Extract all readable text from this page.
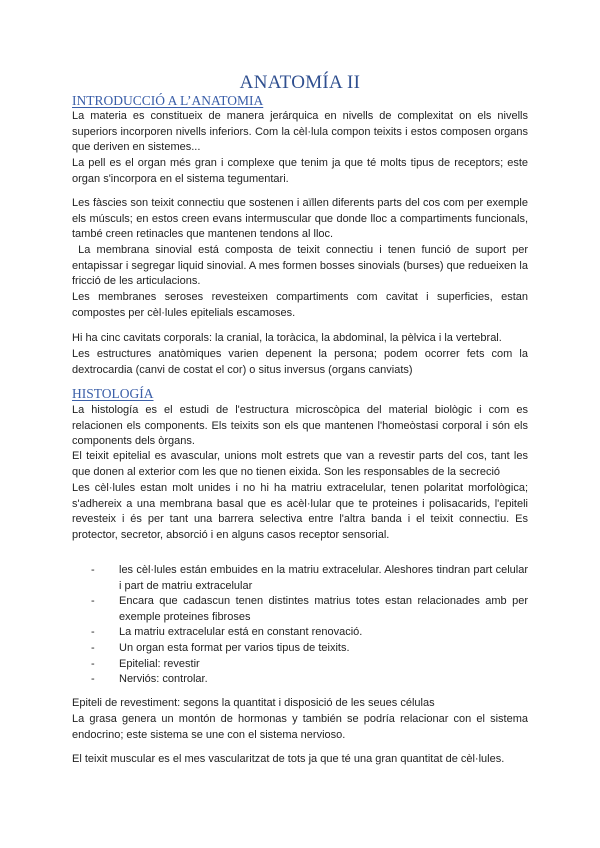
ANATOMÍA II
INTRODUCCIÓ A L’ANATOMIA

La materia es constitueix de manera jerárquica en nivells de complexitat on els nivells superiors incorporen nivells inferiors. Com la cèl·lula compon teixits i estos composen organs que deriven en sistemes...

La pell es el organ més gran i complexe que tenim ja que té molts tipus de receptors; este organ s'incorpora en el sistema tegumentari.

Les fàscies son teixit connectiu que sostenen i aïllen diferents parts del cos com per exemple els músculs; en estos creen evans intermuscular que donde lloc a compartiments funcionals, també creen retinacles que mantenen tendons al lloc.

La membrana sinovial está composta de teixit connectiu i tenen funció de suport per entapissar i segregar liquid sinovial. A mes formen bosses sinovials (burses) que redueixen la fricció de les articulacions.

Les membranes seroses revesteixen compartiments com cavitat i superficies, estan compostes per cèl·lules epitelials escamoses.

Hi ha cinc cavitats corporals: la cranial, la toràcica, la abdominal, la pèlvica i la vertebral.

Les estructures anatòmiques varien depenent la persona; podem ocorrer fets com la dextrocardia (canvi de costat el cor) o situs inversus (organs canviats)

HISTOLOGÍA

La histología es el estudi de l'estructura microscòpica del material biològic i com es relacionen els components. Els teixits son els que mantenen l'homeòstasi corporal i són els components dels òrgans.

El teixit epitelial es avascular, unions molt estrets que van a revestir parts del cos, tant les que donen al exterior com les que no tienen eixida. Son les responsables de la secreció

Les cèl·lules estan molt unides i no hi ha matriu extracelular, tenen polaritat morfològica; s'adhereix a una membrana basal que es acèl·lular que te proteines i polisacarids, l'epiteli revesteix i és per tant una barrera selectiva entre l'altra banda i el teixit connectiu. Es protector, secretor, absorció i en alguns casos receptor sensorial.

- les cèl·lules están embuides en la matriu extracelular. Aleshores tindran part celular i part de matriu extracelular
- Encara que cadascun tenen distintes matrius totes estan relacionades amb per exemple proteines fibroses
- La matriu extracelular está en constant renovació.
- Un organ esta format per varios tipus de teixits.
- Epitelial: revestir
- Nerviós: controlar.

Epiteli de revestiment: segons la quantitat i disposició de les seues células

La grasa genera un montón de hormonas y también se podría relacionar con el sistema endocrino; este sistema se une con el sistema nervioso.

El teixit muscular es el mes vascularitzat de tots ja que té una gran quantitat de cèl·lules.
